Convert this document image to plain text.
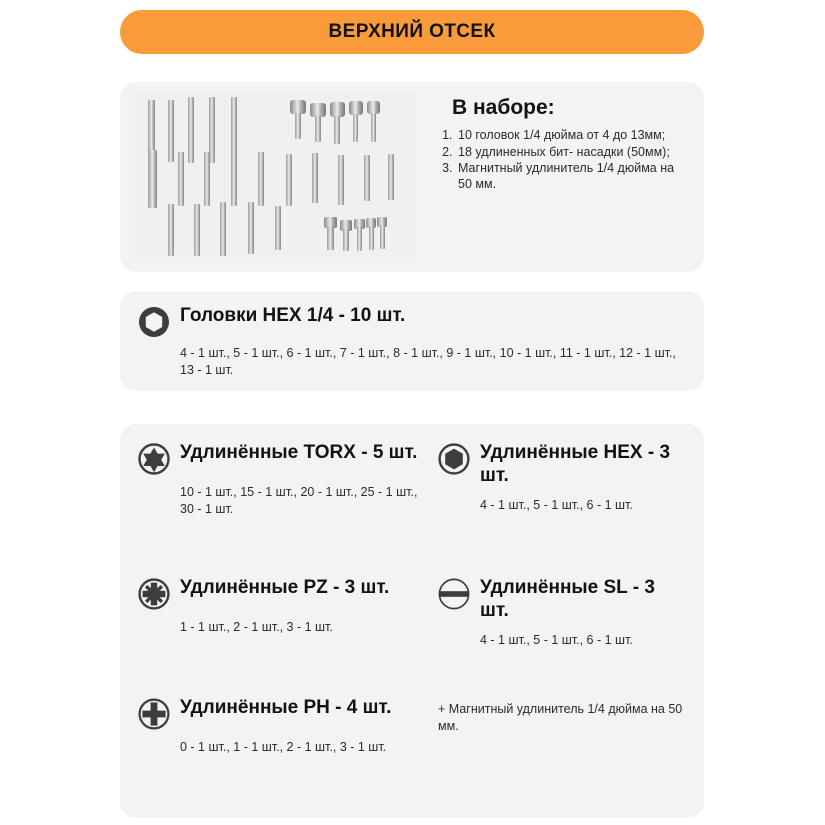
ВЕРХНИЙ ОТСЕК
В наборе:
1. 10 головок 1/4 дюйма от 4 до 13мм;
2. 18 удлиненных бит- насадки (50мм);
3. Магнитный удлинитель 1/4 дюйма на 50 мм.
Головки HEX 1/4 - 10 шт.

4 - 1 шт., 5 - 1 шт., 6 - 1 шт., 7 - 1 шт., 8 - 1 шт., 9 - 1 шт., 10 - 1 шт., 11 - 1 шт., 12 - 1 шт., 13 - 1 шт.

Удлинённые TORX - 5 шт.

10 - 1 шт., 15 - 1 шт., 20 - 1 шт., 25 - 1 шт., 30 - 1 шт.

Удлинённые HEX - 3 шт.

4 - 1 шт., 5 - 1 шт., 6 - 1 шт.

Удлинённые PZ - 3 шт.

1 - 1 шт., 2 - 1 шт., 3 - 1 шт.

Удлинённые SL - 3 шт.

4 - 1 шт., 5 - 1 шт., 6 - 1 шт.

Удлинённые PH - 4 шт.

0 - 1 шт., 1 - 1 шт., 2 - 1 шт., 3 - 1 шт.

+ Магнитный удлинитель 1/4 дюйма на 50 мм.
